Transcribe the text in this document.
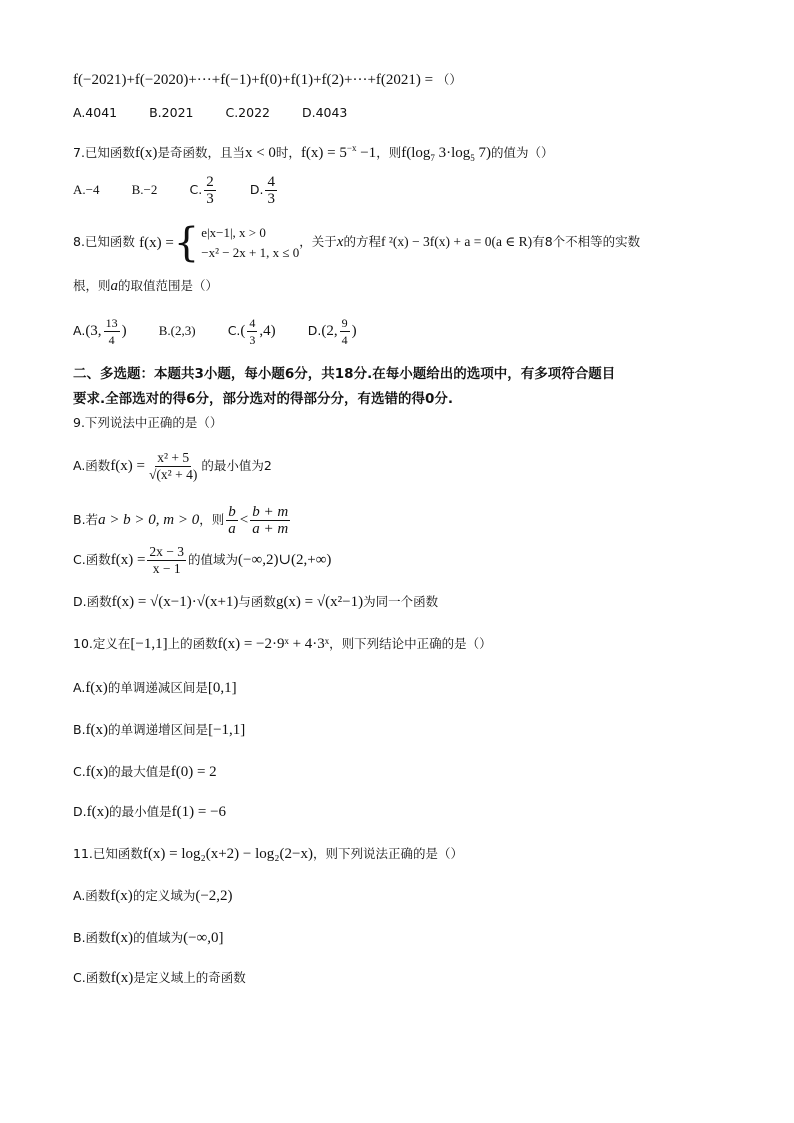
f(−2021)+f(−2020)+···+f(−1)+f(0)+f(1)+f(2)+···+f(2021) = （）
A.4041	B.2021	C.2022	D.4043
7.已知函数f(x)是奇函数，且当x < 0时，$f(x) = 5^{-x} -1$，则$f(\log_7$ $3\cdot\log_5$ 7)的值为（）
A.−4 B.−2	C. $\frac{2}{3}$	D. $\frac{4}{3}$
8.已知函数 f(x) = { e|x−1|, x > 0
−x² − 2x + 1, x ≤ 0
，关于x的方程f ²(x) − 3f(x) + a = 0(a ∈ R)有8个不相等的实数
根，则a的取值范围是（）
A.(3, $\frac{13}{4}$ ) B.(2,3)	$C.( \frac{4}{3} ,4)$	D.(2, $\frac{9}{4}$ )
二、多选题：本题共3小题，每小题6分，共18分.在每小题给出的选项中，有多项符合题目
要求.全部选对的得6分，部分选对的得部分分，有选错的得0分.
9.下列说法中正确的是（）
A.函数$f(x) = \frac{\text{x² + 5}}{\text{√(x² + 4)}}$ 的最小值为2
B.若a > b > 0, m > 0，则 $\frac{b}{a} < \frac{b + m}{a + m}$
C.函数$f(x) = \frac{2x - 3}{x - 1}$ 的值域为(−∞,2)∪(2,+∞)
D.函数f(x) = √(x−1)·√(x+1)与函数g(x) = √(x²−1)为同一个函数
10.定义在[−1,1]上的函数f(x) = −2·9ˣ + 4·3ˣ，则下列结论中正确的是（）
A.f(x)的单调递减区间是[0,1]
B.f(x)的单调递增区间是[−1,1]
C.f(x)的最大值是f(0) = 2
D.f(x)的最小值是f(1) = −6
11.已知函数f(x) = log₂(x+2) − log₂(2−x)，则下列说法正确的是（）
A.函数f(x)的定义域为(−2,2)
B.函数f(x)的值域为(−∞,0]
C.函数f(x)是定义域上的奇函数
